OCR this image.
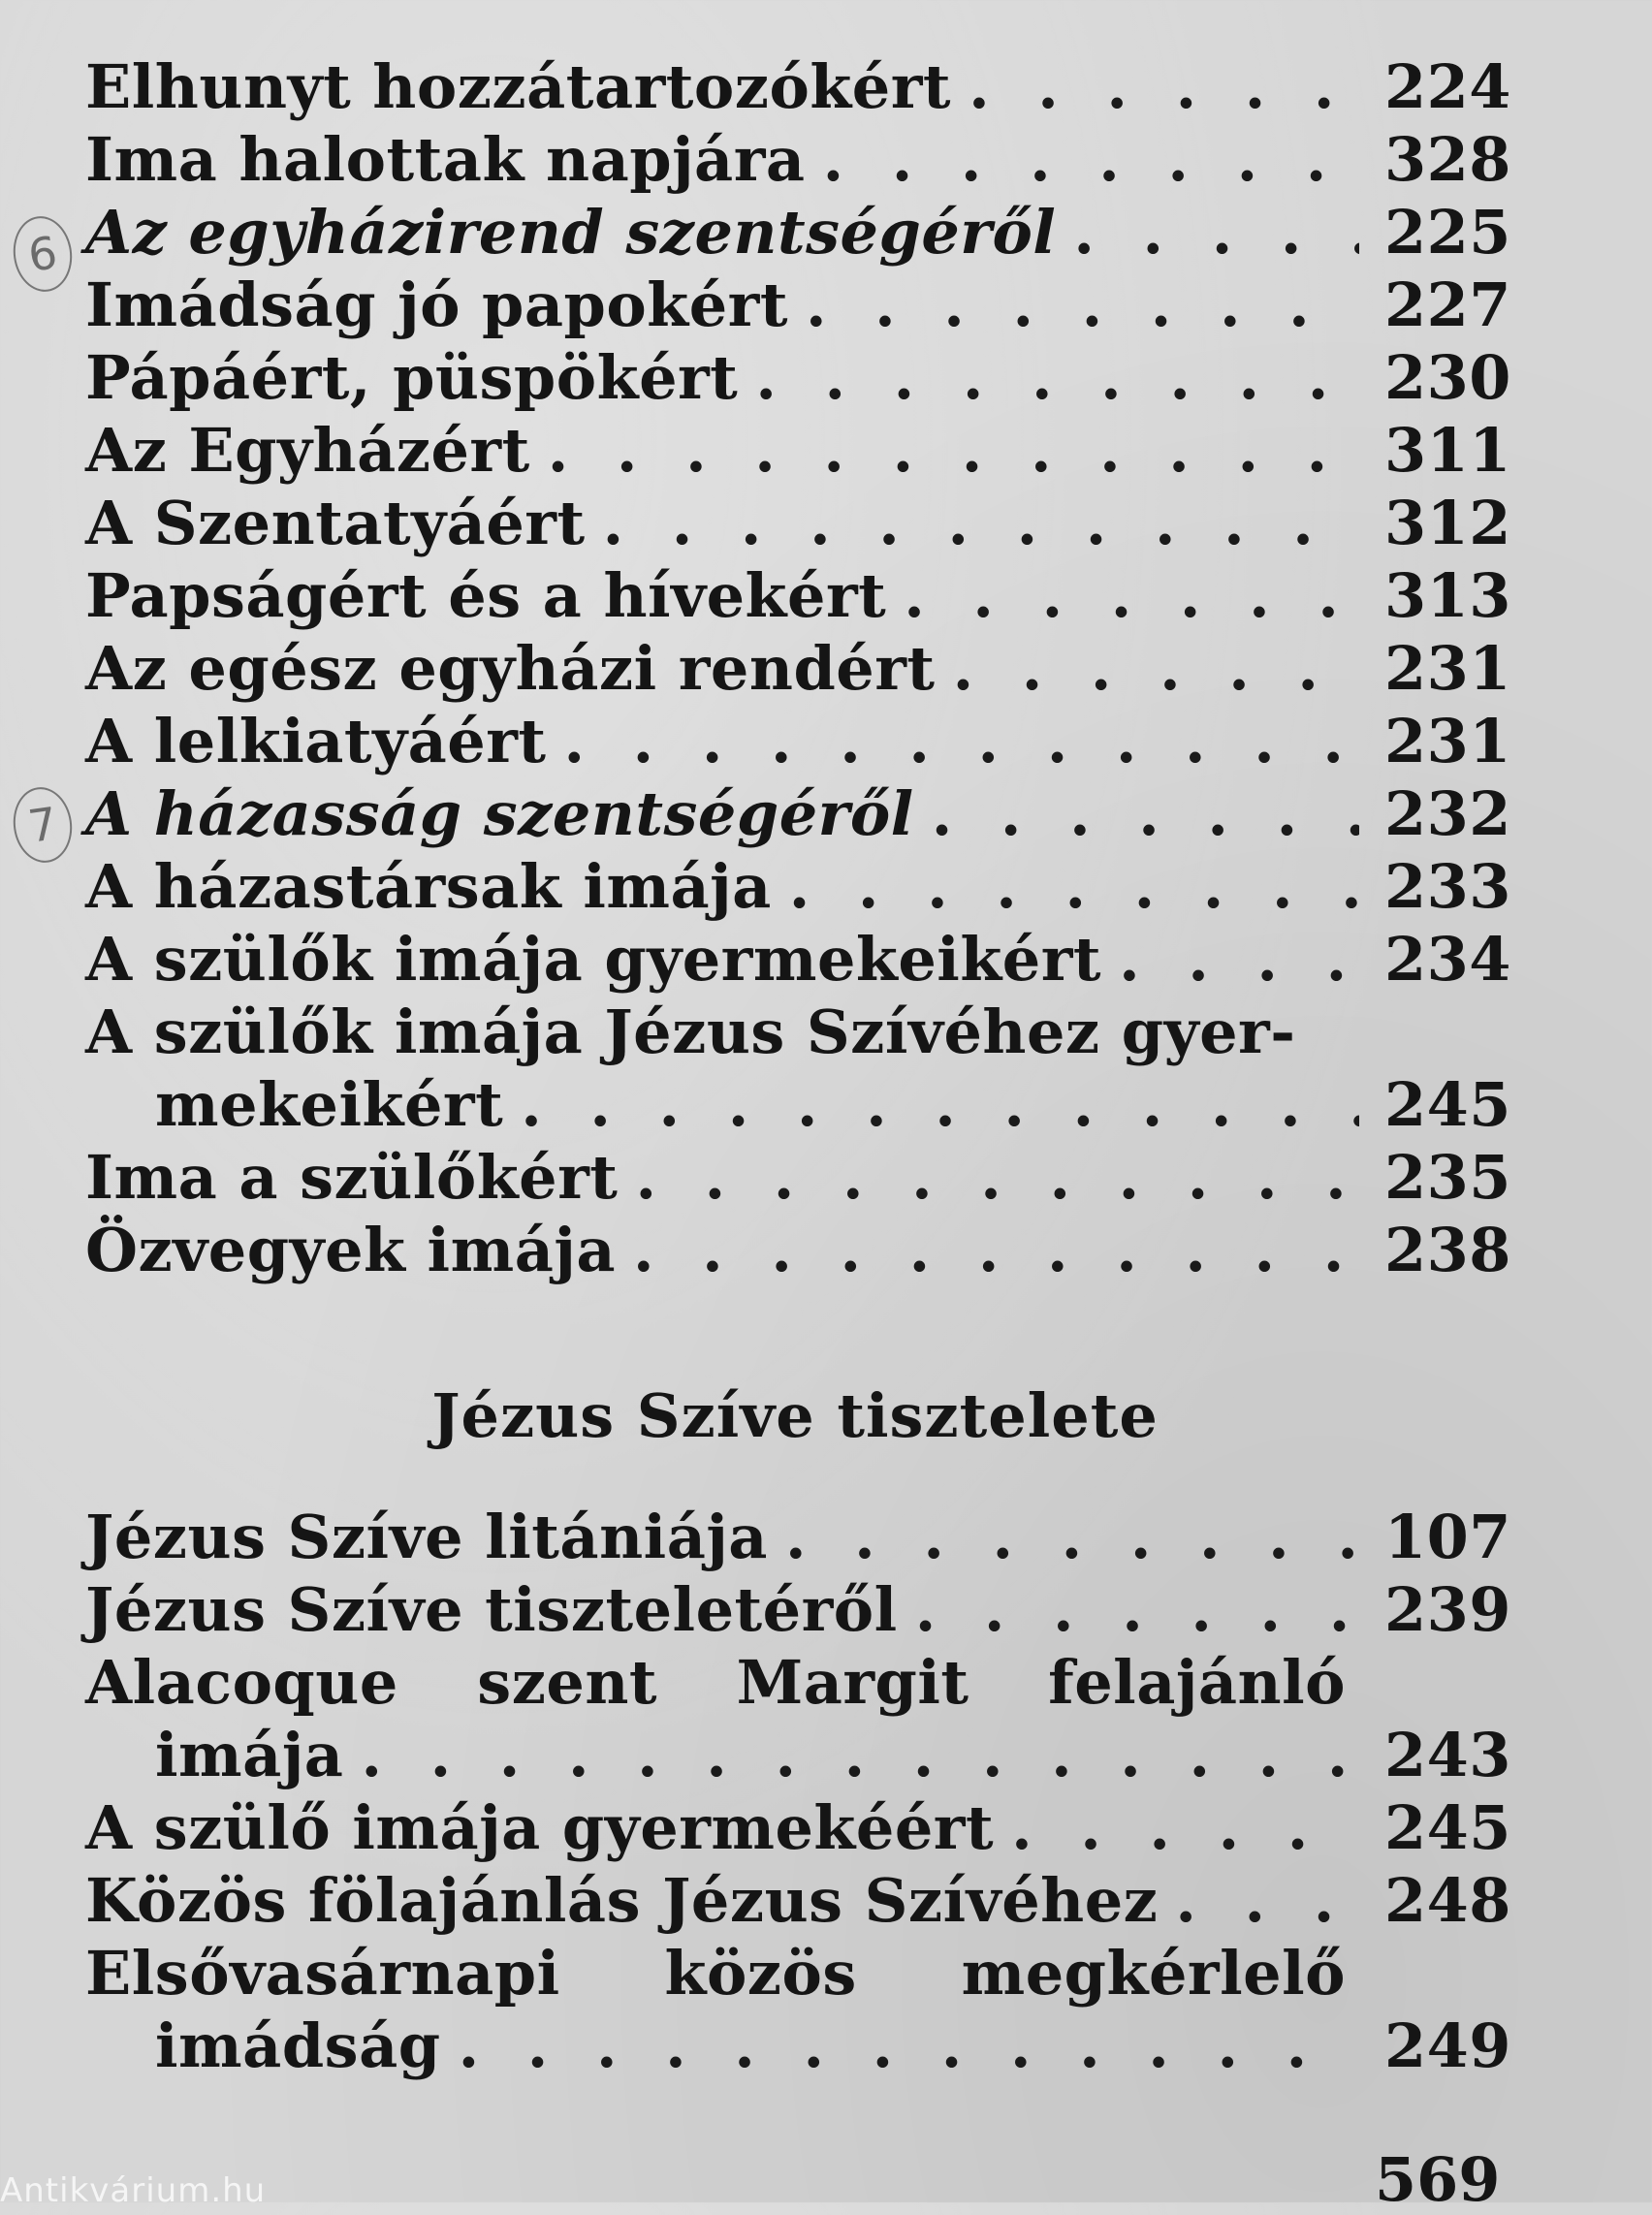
6
7
Elhunyt hozzátartozókért . . .	224
Ima halottak napjára . . .	328
Az egyházirend szentségéről . . .	225
Imádság jó papokért . . .	227
Pápáért, püspökért . . .	230
Az Egyházért . . .	311
A Szentatyáért . . .	312
Papságért és a hívekért . . .	313
Az egész egyházi rendért . . .	231
A lelkiatyáért . . .	231
A házasság szentségéről . . .	232
A házastársak imája . . .	233
A szülők imája gyermekeikért . . .	234
A szülők imája Jézus Szívéhez gyer-
mekeikért . . .	245
Ima a szülőkért . . .	235
Özvegyek imája . . .	238
Jézus Szíve tisztelete
Jézus Szíve litániája . . .	107
Jézus Szíve tiszteletéről . . .	239
Alacoque szent Margit felajánló
imája . . .	243
A szülő imája gyermekéért . . .	245
Közös fölajánlás Jézus Szívéhez . . .	248
Elsővasárnapi közös megkérlelő
imádság . . .	249
569
Antikvárium.hu
